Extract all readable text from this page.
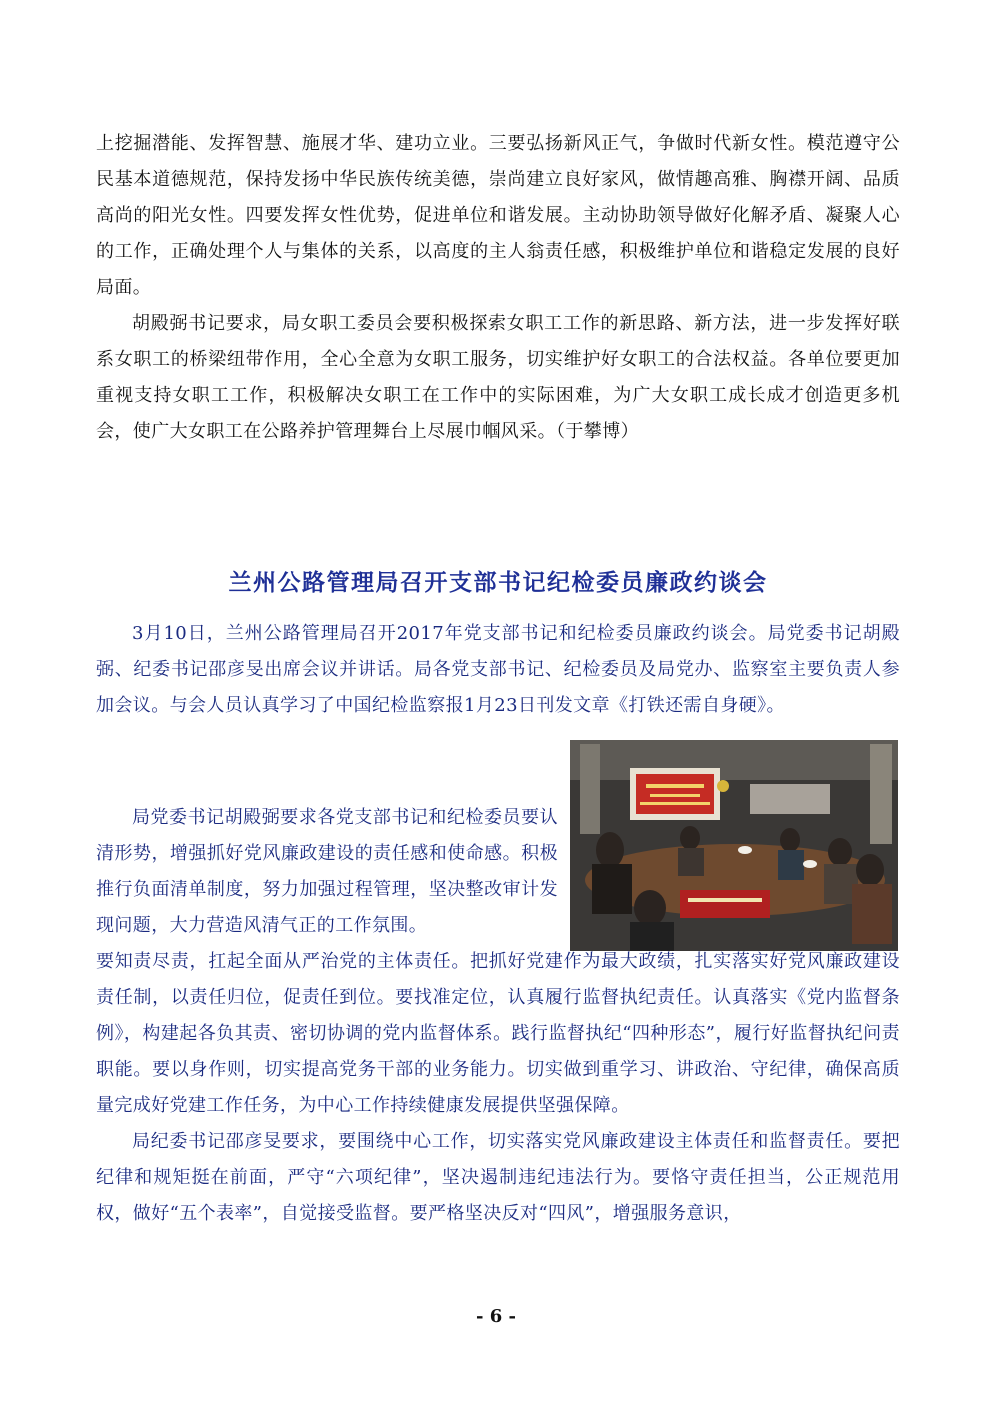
上挖掘潜能、发挥智慧、施展才华、建功立业。三要弘扬新风正气，争做时代新女性。模范遵守公民基本道德规范，保持发扬中华民族传统美德，崇尚建立良好家风，做情趣高雅、胸襟开阔、品质高尚的阳光女性。四要发挥女性优势，促进单位和谐发展。主动协助领导做好化解矛盾、凝聚人心的工作，正确处理个人与集体的关系，以高度的主人翁责任感，积极维护单位和谐稳定发展的良好局面。

胡殿弼书记要求，局女职工委员会要积极探索女职工工作的新思路、新方法，进一步发挥好联系女职工的桥梁纽带作用，全心全意为女职工服务，切实维护好女职工的合法权益。各单位要更加重视支持女职工工作，积极解决女职工在工作中的实际困难，为广大女职工成长成才创造更多机会，使广大女职工在公路养护管理舞台上尽展巾帼风采。（于攀博）

兰州公路管理局召开支部书记纪检委员廉政约谈会

3月10日，兰州公路管理局召开2017年党支部书记和纪检委员廉政约谈会。局党委书记胡殿弼、纪委书记邵彦旻出席会议并讲话。局各党支部书记、纪检委员及局党办、监察室主要负责人参加会议。与会人员认真学习了中国纪检监察报1月23日刊发文章《打铁还需自身硬》。

局党委书记胡殿弼要求各党支部书记和纪检委员要认清形势，增强抓好党风廉政建设的责任感和使命感。积极推行负面清单制度，努力加强过程管理，坚决整改审计发现问题，大力营造风清气正的工作氛围。

要知责尽责，扛起全面从严治党的主体责任。把抓好党建作为最大政绩，扎实落实好党风廉政建设责任制，以责任归位，促责任到位。要找准定位，认真履行监督执纪责任。认真落实《党内监督条例》，构建起各负其责、密切协调的党内监督体系。践行监督执纪“四种形态”，履行好监督执纪问责职能。要以身作则，切实提高党务干部的业务能力。切实做到重学习、讲政治、守纪律，确保高质量完成好党建工作任务，为中心工作持续健康发展提供坚强保障。

局纪委书记邵彦旻要求，要围绕中心工作，切实落实党风廉政建设主体责任和监督责任。要把纪律和规矩挺在前面，严守“六项纪律”，坚决遏制违纪违法行为。要恪守责任担当，公正规范用权，做好“五个表率”，自觉接受监督。要严格坚决反对“四风”，增强服务意识，

- 6 -
